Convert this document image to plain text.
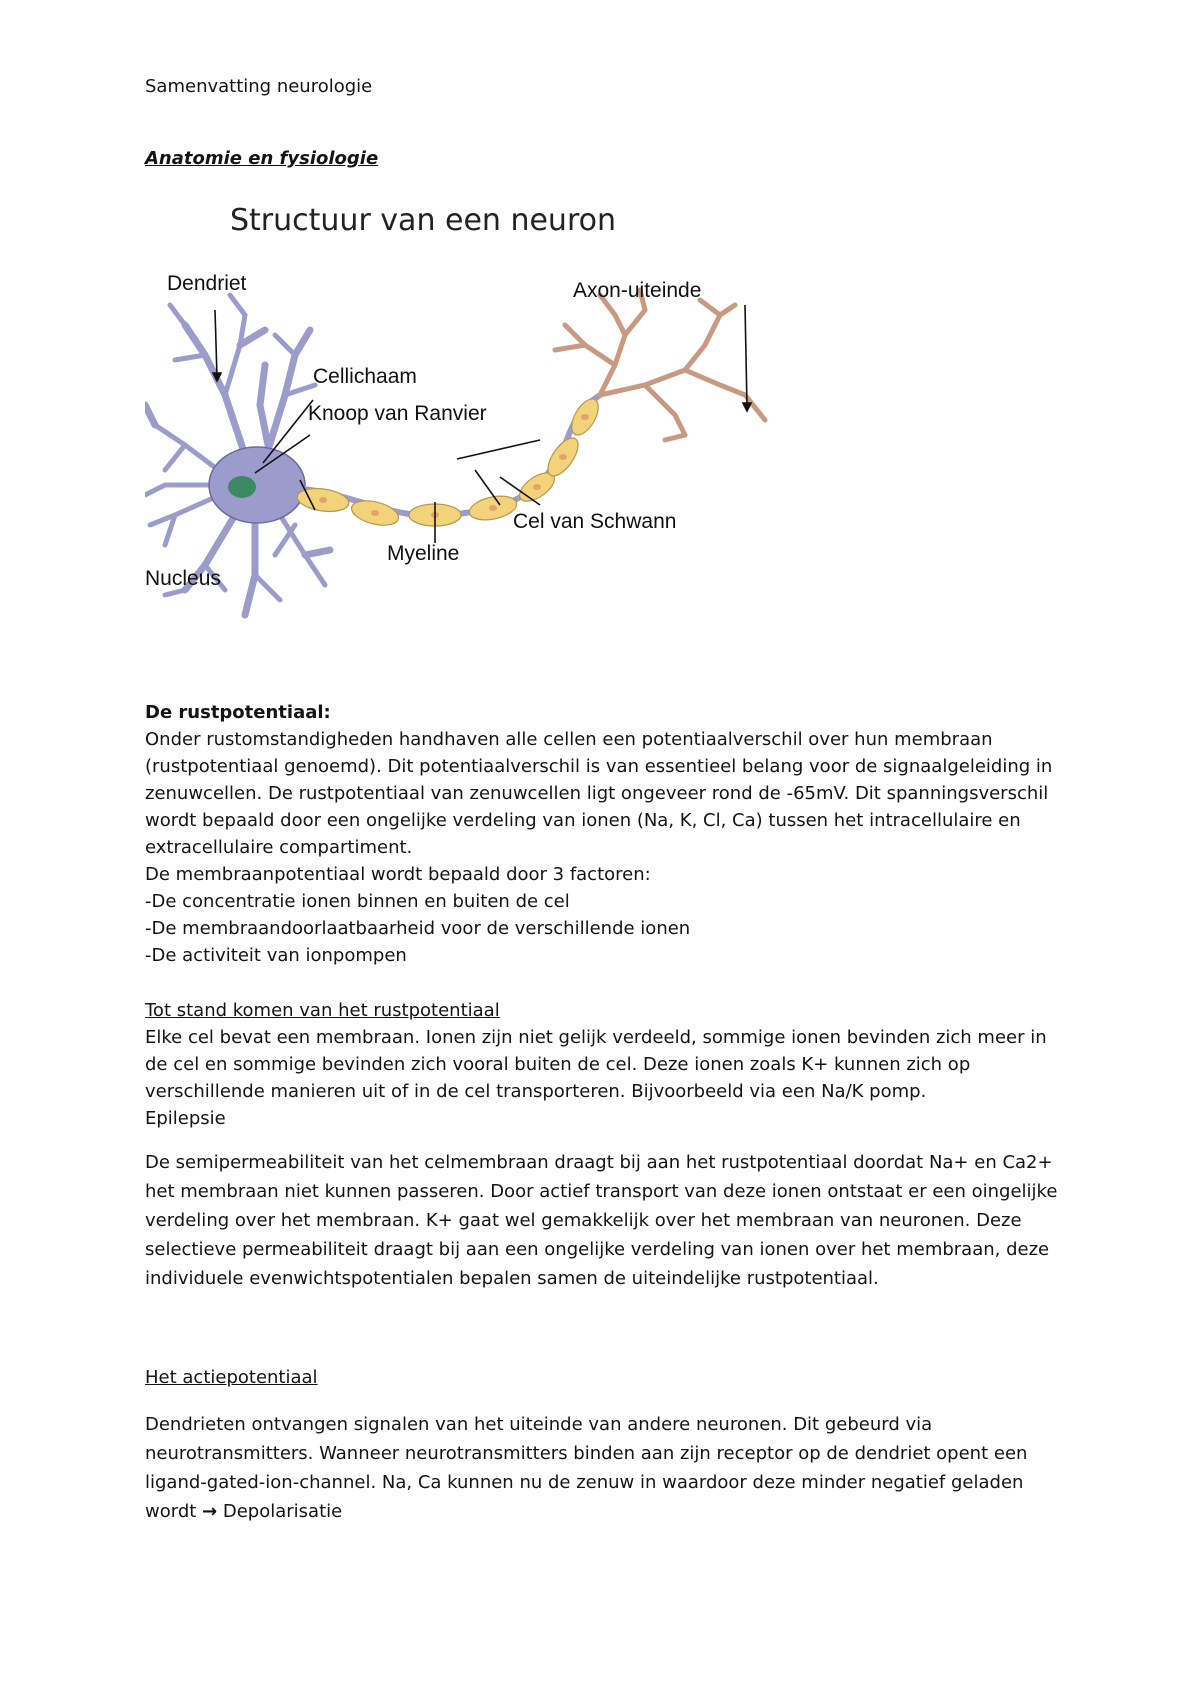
Samenvatting neurologie
Anatomie en fysiologie
Structuur van een neuron
Dendriet	Axon-uiteinde
Cellichaam
Knoop van Ranvier
Cel van Schwann
Myeline
Nucleus
De rustpotentiaal:
Onder rustomstandigheden handhaven alle cellen een potentiaalverschil over hun membraan
(rustpotentiaal genoemd). Dit potentiaalverschil is van essentieel belang voor de signaalgeleiding in
zenuwcellen. De rustpotentiaal van zenuwcellen ligt ongeveer rond de -65mV. Dit spanningsverschil
wordt bepaald door een ongelijke verdeling van ionen (Na, K, Cl, Ca) tussen het intracellulaire en
extracellulaire compartiment.
De membraanpotentiaal wordt bepaald door 3 factoren:
-De concentratie ionen binnen en buiten de cel
-De membraandoorlaatbaarheid voor de verschillende ionen
-De activiteit van ionpompen
Tot stand komen van het rustpotentiaal
Elke cel bevat een membraan. Ionen zijn niet gelijk verdeeld, sommige ionen bevinden zich meer in
de cel en sommige bevinden zich vooral buiten de cel. Deze ionen zoals K+ kunnen zich op
verschillende manieren uit of in de cel transporteren. Bijvoorbeeld via een Na/K pomp.
Epilepsie
De semipermeabiliteit van het celmembraan draagt bij aan het rustpotentiaal doordat Na+ en Ca2+
het membraan niet kunnen passeren. Door actief transport van deze ionen ontstaat er een oingelijke
verdeling over het membraan. K+ gaat wel gemakkelijk over het membraan van neuronen. Deze
selectieve permeabiliteit draagt bij aan een ongelijke verdeling van ionen over het membraan, deze
individuele evenwichtspotentialen bepalen samen de uiteindelijke rustpotentiaal.
Het actiepotentiaal
Dendrieten ontvangen signalen van het uiteinde van andere neuronen. Dit gebeurd via
neurotransmitters. Wanneer neurotransmitters binden aan zijn receptor op de dendriet opent een
ligand-gated-ion-channel. Na, Ca kunnen nu de zenuw in waardoor deze minder negatief geladen
wordt → Depolarisatie
